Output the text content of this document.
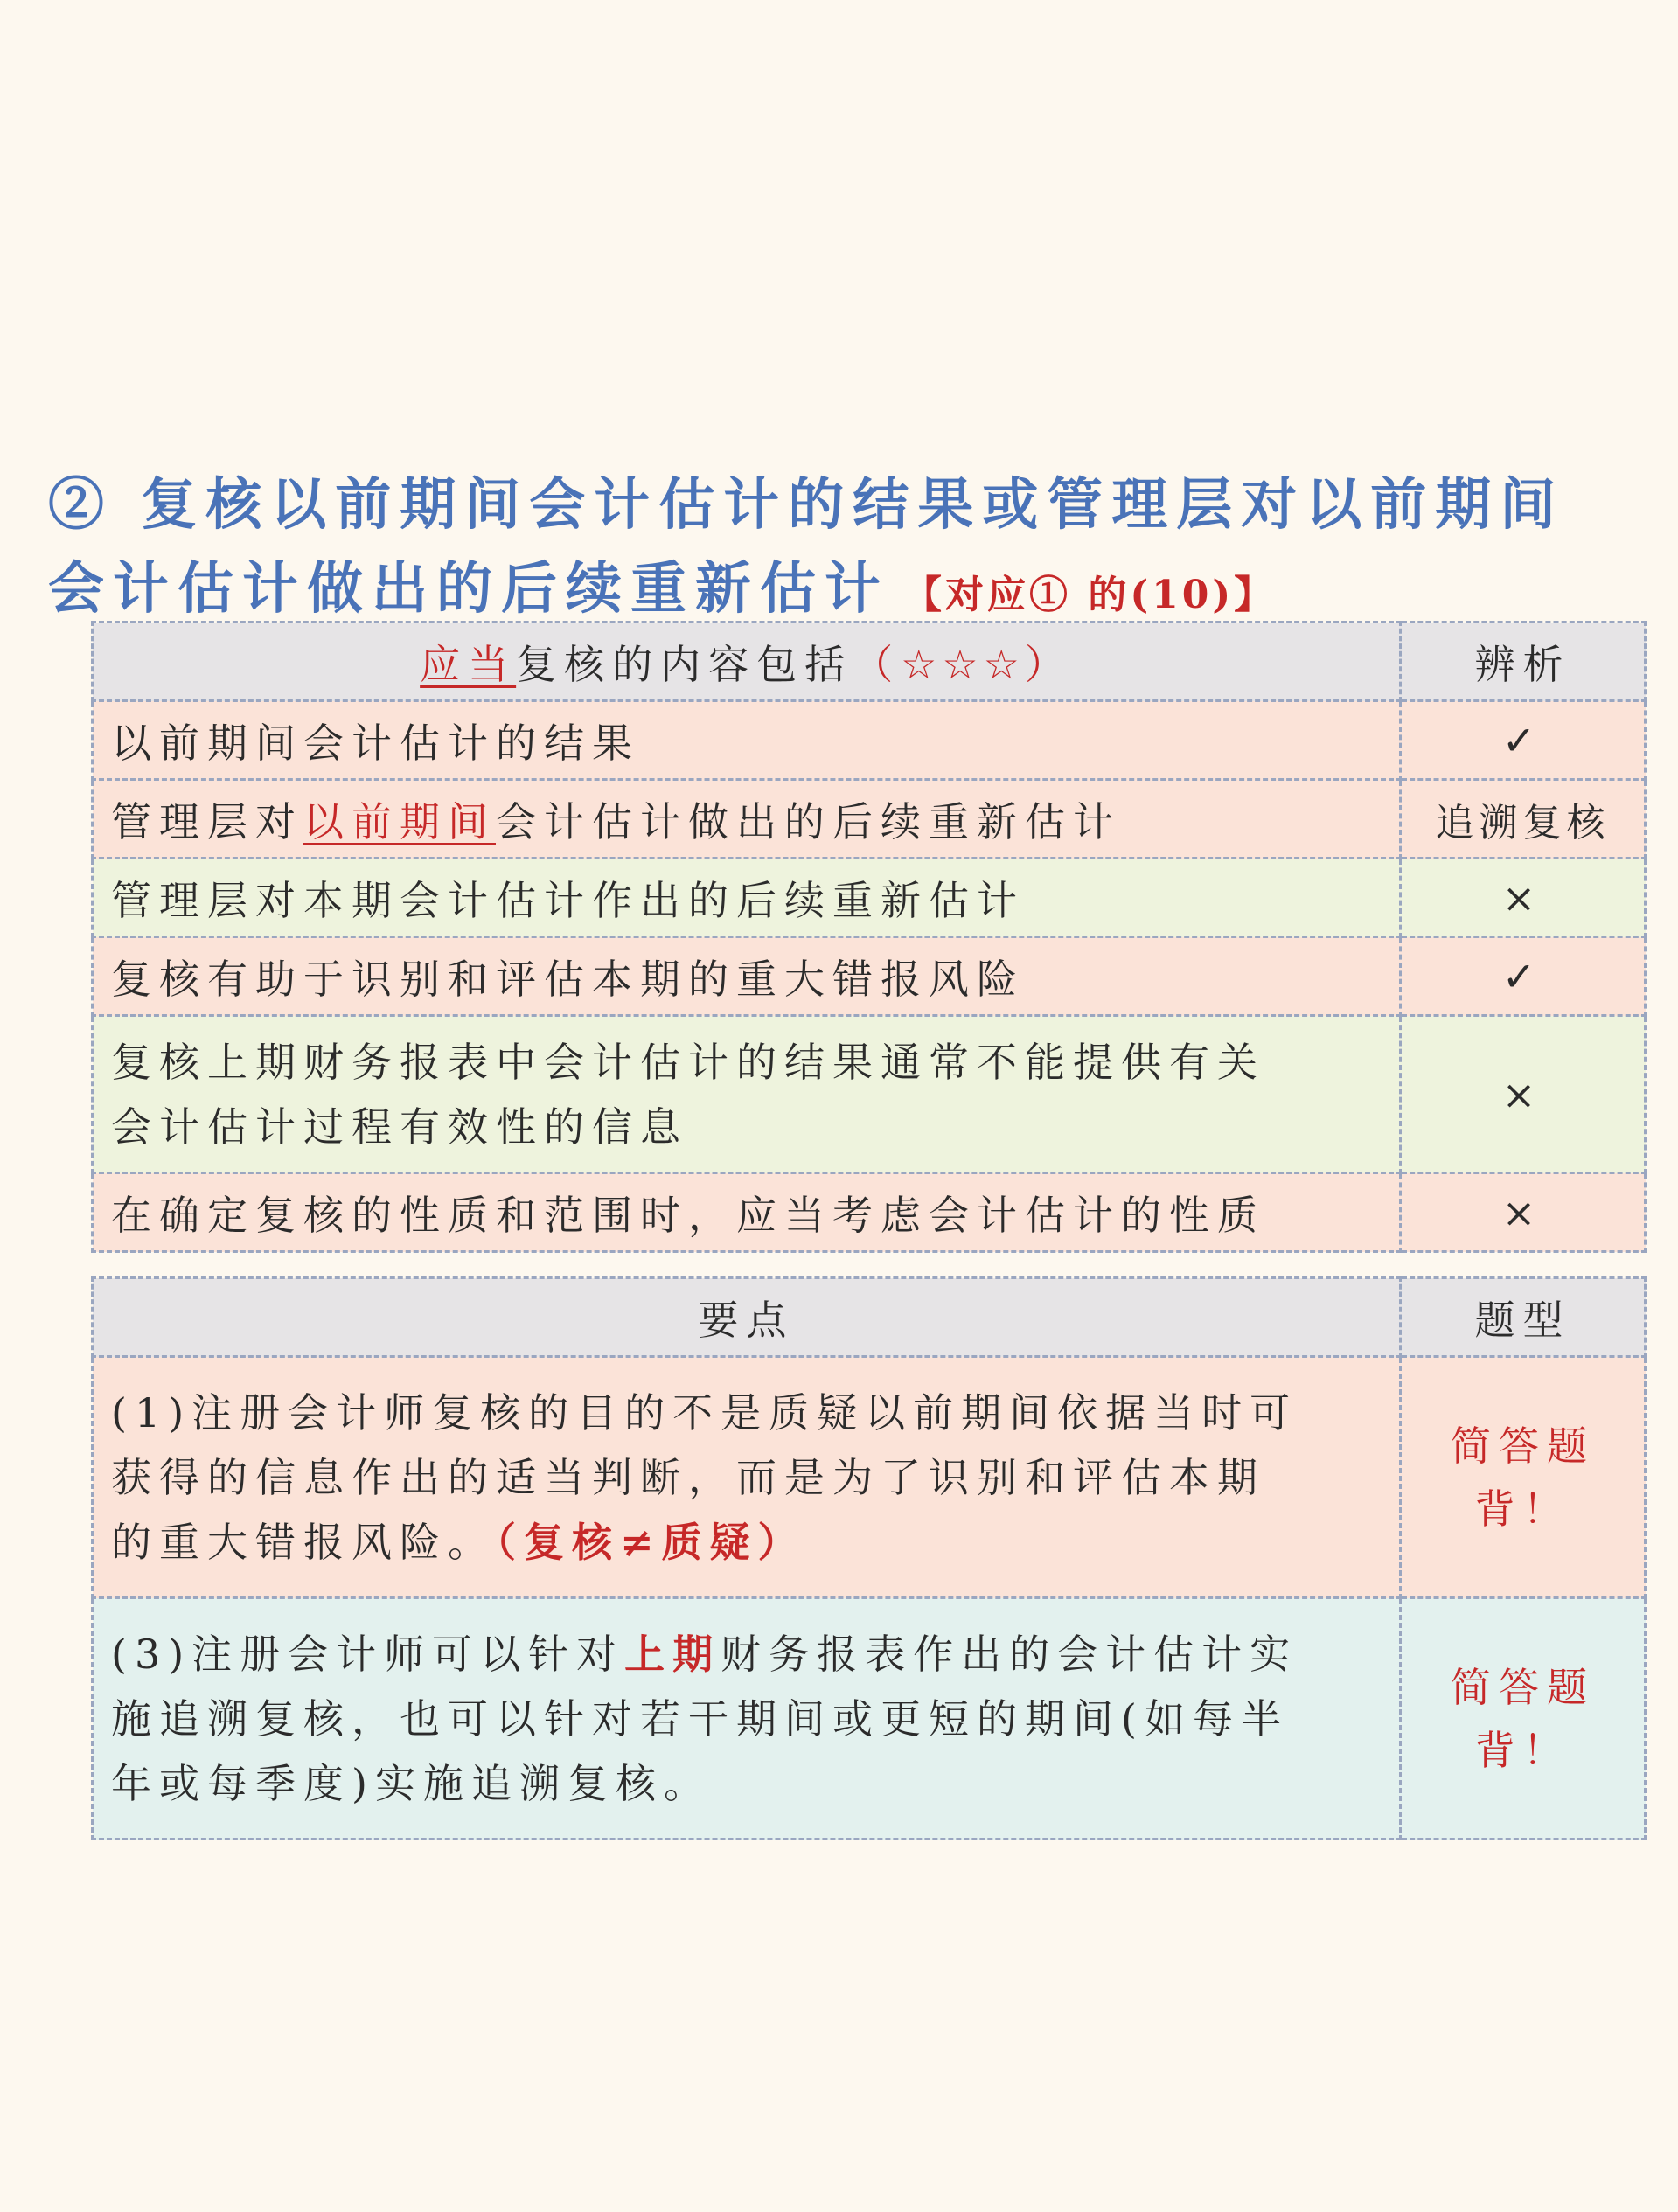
② 复核以前期间会计估计的结果或管理层对以前期间
会计估计做出的后续重新估计 【对应① 的(10)】
应当复核的内容包括（☆☆☆）	辨析
以前期间会计估计的结果	✓
管理层对以前期间会计估计做出的后续重新估计	追溯复核
管理层对本期会计估计作出的后续重新估计	×
复核有助于识别和评估本期的重大错报风险	✓
复核上期财务报表中会计估计的结果通常不能提供有关
会计估计过程有效性的信息	×
在确定复核的性质和范围时，应当考虑会计估计的性质	×
要点	题型
(1)注册会计师复核的目的不是质疑以前期间依据当时可
获得的信息作出的适当判断，而是为了识别和评估本期
的重大错报风险。（复核≠质疑）	简答题
背！
(3)注册会计师可以针对上期财务报表作出的会计估计实
施追溯复核，也可以针对若干期间或更短的期间(如每半
年或每季度)实施追溯复核。	简答题
背！
